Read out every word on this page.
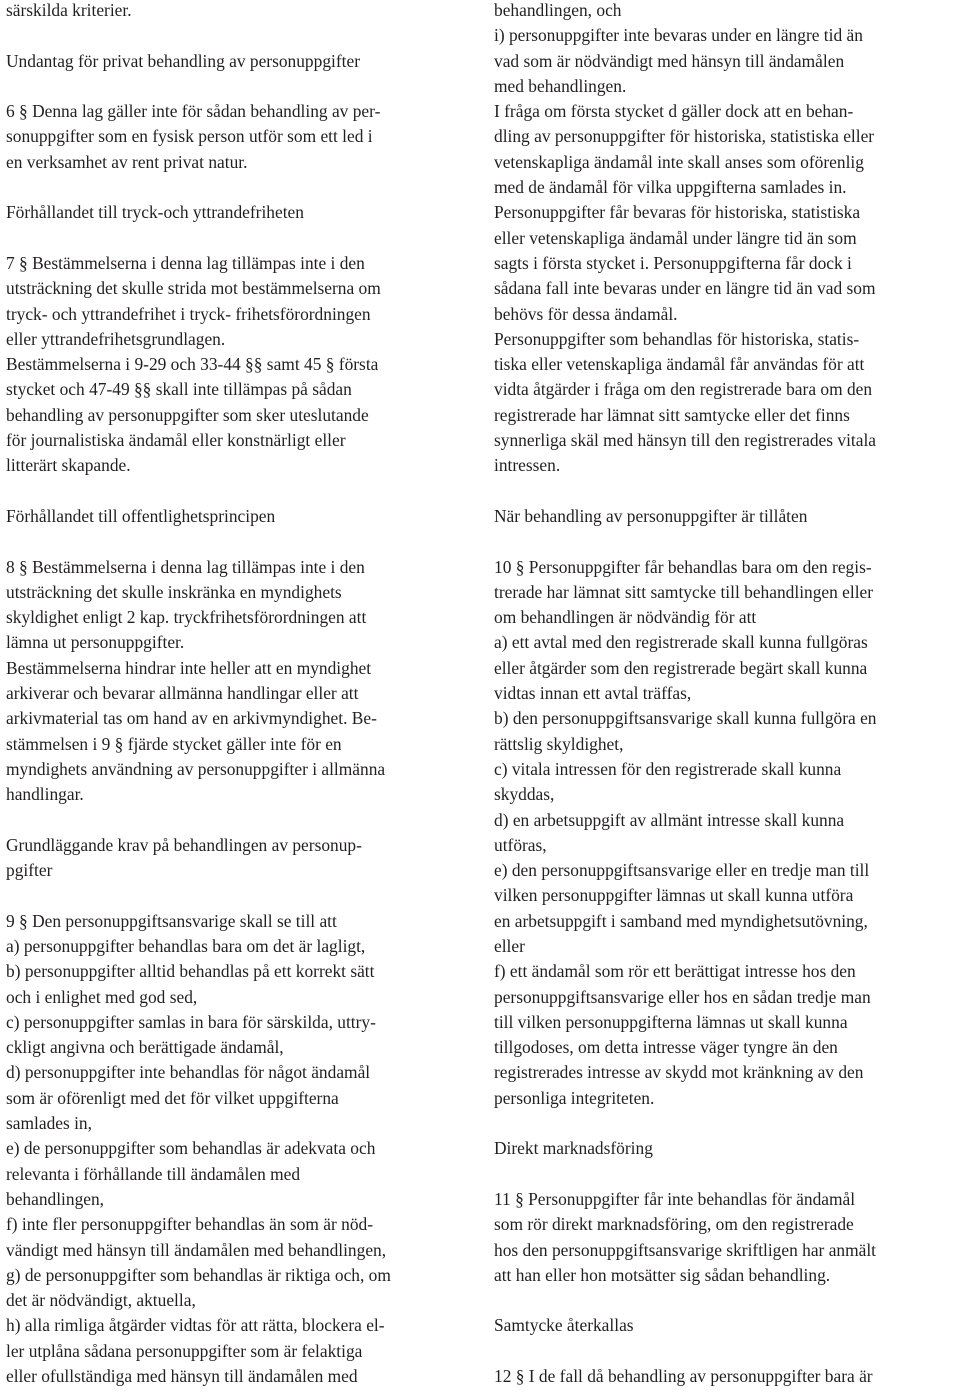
särskilda kriterier.

Undantag för privat behandling av personuppgifter

6 § Denna lag gäller inte för sådan behandling av per-

sonuppgifter som en fysisk person utför som ett led i

en verksamhet av rent privat natur.

Förhållandet till tryck-och yttrandefriheten

7 § Bestämmelserna i denna lag tillämpas inte i den

utsträckning det skulle strida mot bestämmelserna om

tryck- och yttrandefrihet i tryck- frihetsförordningen

eller yttrandefrihetsgrundlagen.

Bestämmelserna i 9-29 och 33-44 §§ samt 45 § första

stycket och 47-49 §§ skall inte tillämpas på sådan

behandling av personuppgifter som sker uteslutande

för journalistiska ändamål eller konstnärligt eller

litterärt skapande.

Förhållandet till offentlighetsprincipen

8 § Bestämmelserna i denna lag tillämpas inte i den

utsträckning det skulle inskränka en myndighets

skyldighet enligt 2 kap. tryckfrihetsförordningen att

lämna ut personuppgifter.

Bestämmelserna hindrar inte heller att en myndighet

arkiverar och bevarar allmänna handlingar eller att

arkivmaterial tas om hand av en arkivmyndighet. Be-

stämmelsen i 9 § fjärde stycket gäller inte för en

myndighets användning av personuppgifter i allmänna

handlingar.

Grundläggande krav på behandlingen av personup-

pgifter

9 § Den personuppgiftsansvarige skall se till att

a) personuppgifter behandlas bara om det är lagligt,

b) personuppgifter alltid behandlas på ett korrekt sätt

och i enlighet med god sed,

c) personuppgifter samlas in bara för särskilda, uttry-

ckligt angivna och berättigade ändamål,

d) personuppgifter inte behandlas för något ändamål

som är oförenligt med det för vilket uppgifterna

samlades in,

e) de personuppgifter som behandlas är adekvata och

relevanta i förhållande till ändamålen med

behandlingen,

f) inte fler personuppgifter behandlas än som är nöd-

vändigt med hänsyn till ändamålen med behandlingen,

g) de personuppgifter som behandlas är riktiga och, om

det är nödvändigt, aktuella,

h) alla rimliga åtgärder vidtas för att rätta, blockera el-

ler utplåna sådana personuppgifter som är felaktiga

eller ofullständiga med hänsyn till ändamålen med

behandlingen, och

i) personuppgifter inte bevaras under en längre tid än

vad som är nödvändigt med hänsyn till ändamålen

med behandlingen.

I fråga om första stycket d gäller dock att en behan-

dling av personuppgifter för historiska, statistiska eller

vetenskapliga ändamål inte skall anses som oförenlig

med de ändamål för vilka uppgifterna samlades in.

Personuppgifter får bevaras för historiska, statistiska

eller vetenskapliga ändamål under längre tid än som

sagts i första stycket i. Personuppgifterna får dock i

sådana fall inte bevaras under en längre tid än vad som

behövs för dessa ändamål.

Personuppgifter som behandlas för historiska, statis-

tiska eller vetenskapliga ändamål får användas för att

vidta åtgärder i fråga om den registrerade bara om den

registrerade har lämnat sitt samtycke eller det finns

synnerliga skäl med hänsyn till den registrerades vitala

intressen.

När behandling av personuppgifter är tillåten

10 § Personuppgifter får behandlas bara om den regis-

trerade har lämnat sitt samtycke till behandlingen eller

om behandlingen är nödvändig för att

a) ett avtal med den registrerade skall kunna fullgöras

eller åtgärder som den registrerade begärt skall kunna

vidtas innan ett avtal träffas,

b) den personuppgiftsansvarige skall kunna fullgöra en

rättslig skyldighet,

c) vitala intressen för den registrerade skall kunna

skyddas,

d) en arbetsuppgift av allmänt intresse skall kunna

utföras,

e) den personuppgiftsansvarige eller en tredje man till

vilken personuppgifter lämnas ut skall kunna utföra

en arbetsuppgift i samband med myndighetsutövning,

eller

f) ett ändamål som rör ett berättigat intresse hos den

personuppgiftsansvarige eller hos en sådan tredje man

till vilken personuppgifterna lämnas ut skall kunna

tillgodoses, om detta intresse väger tyngre än den

registrerades intresse av skydd mot kränkning av den

personliga integriteten.

Direkt marknadsföring

11 § Personuppgifter får inte behandlas för ändamål

som rör direkt marknadsföring, om den registrerade

hos den personuppgiftsansvarige skriftligen har anmält

att han eller hon motsätter sig sådan behandling.

Samtycke återkallas

12 § I de fall då behandling av personuppgifter bara är
